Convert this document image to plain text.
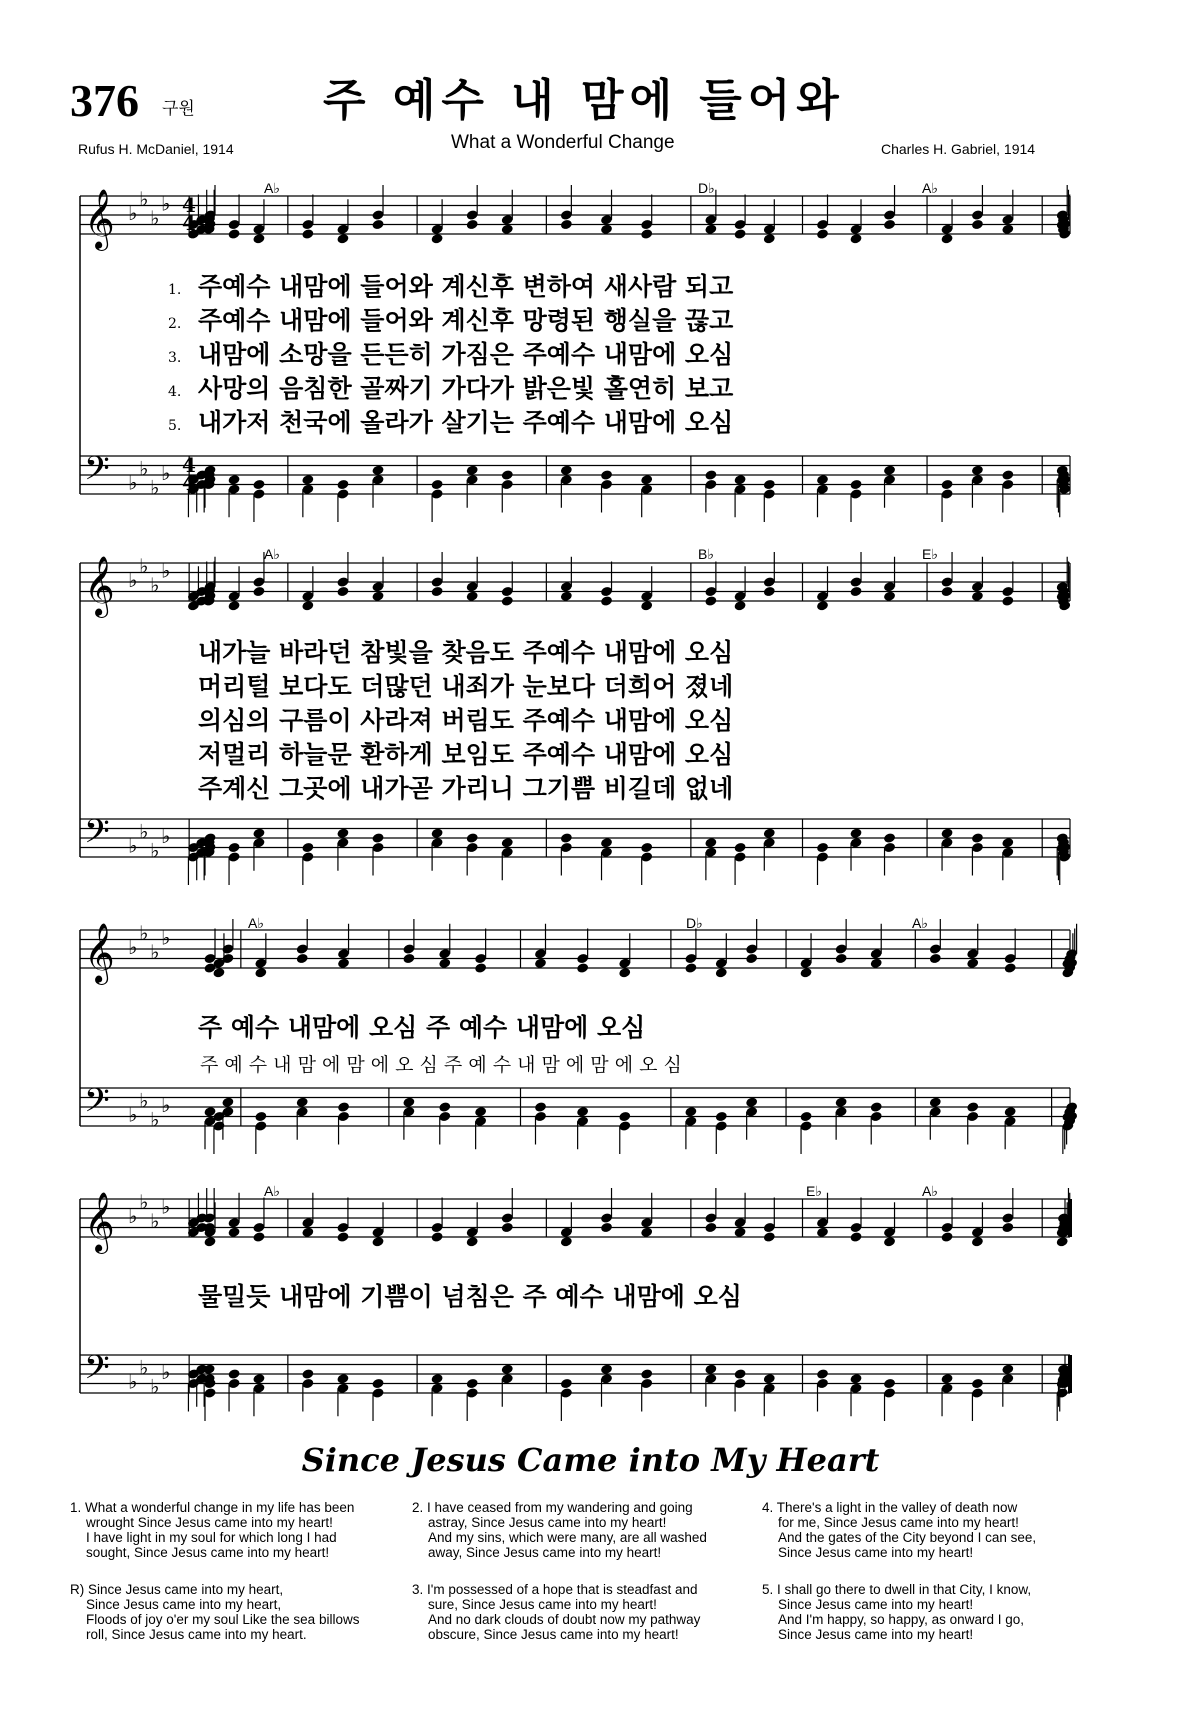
376 구원	주 예수 내 맘에 들어와
What a Wonderful Change
Rufus H. McDaniel, 1914	Charles H. Gabriel, 1914
𝄞 ♭
♭
♭
♭
𝄢 ♭
♭
♭
♭
𝄞 ♭
♭
♭
♭
𝄢 ♭
♭
♭
♭
𝄞 ♭
♭
♭
♭
𝄢 ♭
♭
♭
♭
𝄞 ♭
♭
♭
♭
𝄢 ♭
♭
♭
♭
4
4
4
4
A♭	D♭	A♭
A♭	B♭	E♭
A♭	D♭	A♭
A♭	E♭	A♭
1. 주예수 내맘에 들어와 계신후 변하여 새사람 되고
2. 주예수 내맘에 들어와 계신후 망령된 행실을 끊고
3. 내맘에 소망을 든든히 가짐은 주예수 내맘에 오심
4. 사망의 음침한 골짜기 가다가 밝은빛 홀연히 보고
5. 내가저 천국에 올라가 살기는 주예수 내맘에 오심
내가늘 바라던 참빛을 찾음도 주예수 내맘에 오심
머리털 보다도 더많던 내죄가 눈보다 더희어 졌네
의심의 구름이 사라져 버림도 주예수 내맘에 오심
저멀리 하늘문 환하게 보임도 주예수 내맘에 오심
주계신 그곳에 내가곧 가리니 그기쁨 비길데 없네
주 예수 내맘에 오심 주 예수 내맘에 오심
주 예 수 내 맘 에 맘 에 오 심 주 예 수 내 맘 에 맘 에 오 심
물밀듯 내맘에 기쁨이 넘침은 주 예수 내맘에 오심
Since Jesus Came into My Heart

1. What a wonderful change in my life has been

wrought Since Jesus came into my heart!

I have light in my soul for which long I had

sought, Since Jesus came into my heart!

R) Since Jesus came into my heart,

Since Jesus came into my heart,

Floods of joy o'er my soul Like the sea billows

roll, Since Jesus came into my heart.

2. I have ceased from my wandering and going

astray, Since Jesus came into my heart!

And my sins, which were many, are all washed

away, Since Jesus came into my heart!

3. I'm possessed of a hope that is steadfast and

sure, Since Jesus came into my heart!

And no dark clouds of doubt now my pathway

obscure, Since Jesus came into my heart!

4. There's a light in the valley of death now

for me, Since Jesus came into my heart!

And the gates of the City beyond I can see,

Since Jesus came into my heart!

5. I shall go there to dwell in that City, I know,

Since Jesus came into my heart!

And I'm happy, so happy, as onward I go,

Since Jesus came into my heart!
